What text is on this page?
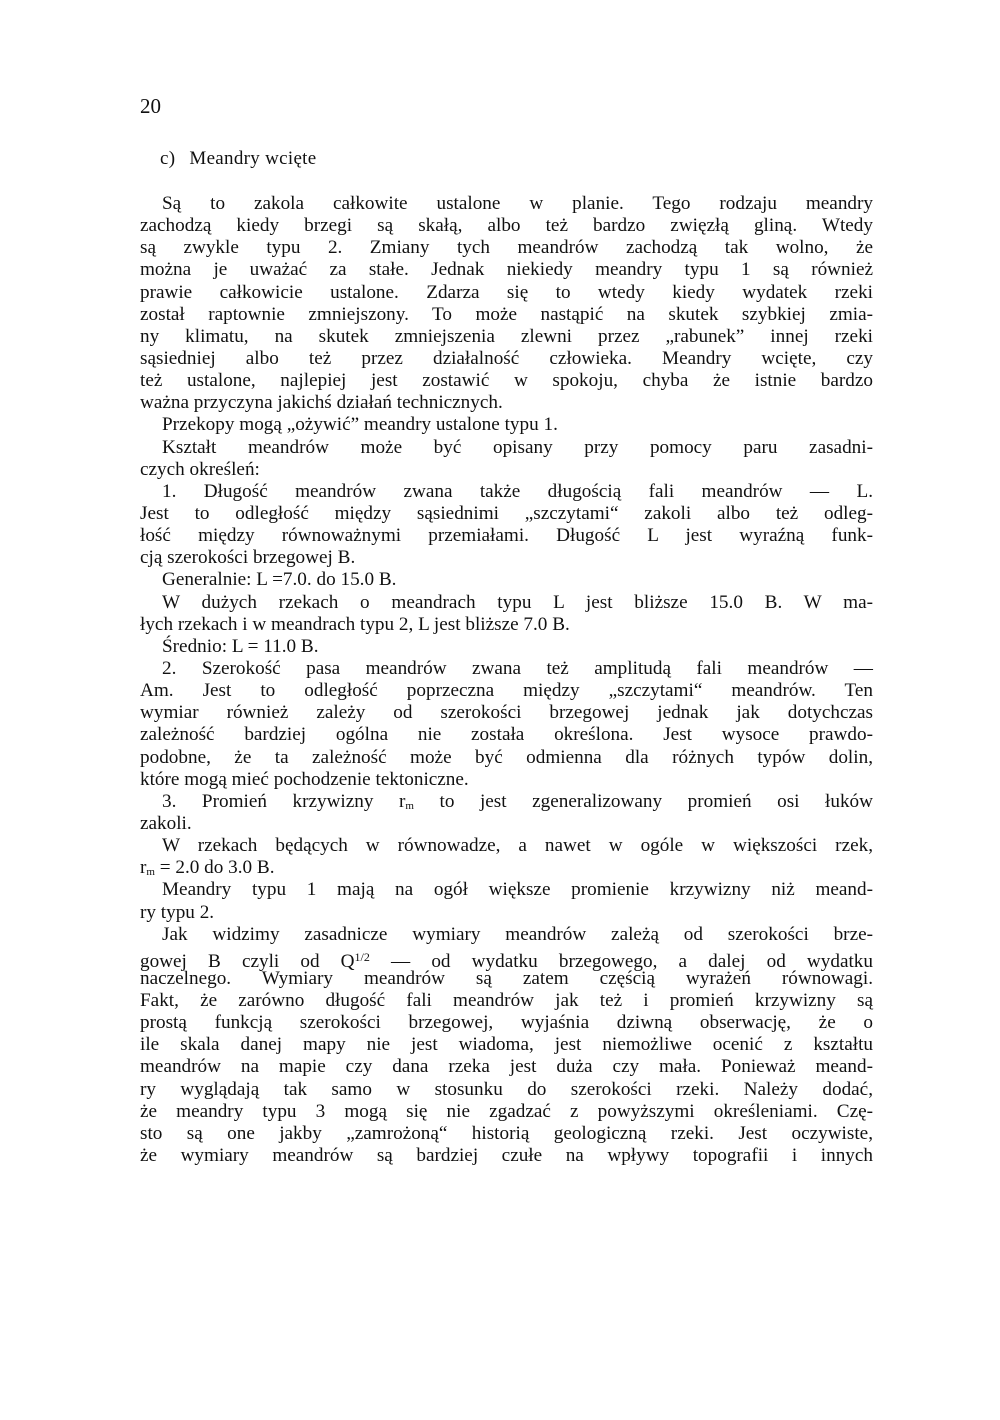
20
c) Meandry wcięte
Są to zakola całkowite ustalone w planie. Tego rodzaju meandry
zachodzą kiedy brzegi są skałą, albo też bardzo zwięzłą gliną. Wtedy
są zwykle typu 2. Zmiany tych meandrów zachodzą tak wolno, że
można je uważać za stałe. Jednak niekiedy meandry typu 1 są również
prawie całkowicie ustalone. Zdarza się to wtedy kiedy wydatek rzeki
został raptownie zmniejszony. To może nastąpić na skutek szybkiej zmia-
ny klimatu, na skutek zmniejszenia zlewni przez „rabunek” innej rzeki
sąsiedniej albo też przez działalność człowieka. Meandry wcięte, czy
też ustalone, najlepiej jest zostawić w spokoju, chyba że istnie bardzo
ważna przyczyna jakichś działań technicznych.
Przekopy mogą „ożywić” meandry ustalone typu 1.
Kształt meandrów może być opisany przy pomocy paru zasadni-
czych określeń:
1. Długość meandrów zwana także długością fali meandrów — L.
Jest to odległość między sąsiednimi „szczytami“ zakoli albo też odleg-
łość między równoważnymi przemiałami. Długość L jest wyraźną funk-
cją szerokości brzegowej B.
Generalnie: L =7.0. do 15.0 B.
W dużych rzekach o meandrach typu L jest bliższe 15.0 B. W ma-
łych rzekach i w meandrach typu 2, L jest bliższe 7.0 B.
Średnio: L = 11.0 B.
2. Szerokość pasa meandrów zwana też amplitudą fali meandrów —
Am. Jest to odległość poprzeczna między „szczytami“ meandrów. Ten
wymiar również zależy od szerokości brzegowej jednak jak dotychczas
zależność bardziej ogólna nie została określona. Jest wysoce prawdo-
podobne, że ta zależność może być odmienna dla różnych typów dolin,
które mogą mieć pochodzenie tektoniczne.
3. Promień krzywizny $r_m$ to jest zgeneralizowany promień osi łuków
zakoli.
W rzekach będących w równowadze, a nawet w ogóle w większości rzek,
$r_m = 2.0$ do 3.0 B.
Meandry typu 1 mają na ogół większe promienie krzywizny niż meand-
ry typu 2.
Jak widzimy zasadnicze wymiary meandrów zależą od szerokości brze-
gowej B czyli od $Q^{1/2}$ — od wydatku brzegowego, a dalej od wydatku
naczelnego. Wymiary meandrów są zatem częścią wyrażeń równowagi.
Fakt, że zarówno długość fali meandrów jak też i promień krzywizny są
prostą funkcją szerokości brzegowej, wyjaśnia dziwną obserwację, że o
ile skala danej mapy nie jest wiadoma, jest niemożliwe ocenić z kształtu
meandrów na mapie czy dana rzeka jest duża czy mała. Ponieważ meand-
ry wyglądają tak samo w stosunku do szerokości rzeki. Należy dodać,
że meandry typu 3 mogą się nie zgadzać z powyższymi określeniami. Czę-
sto są one jakby „zamrożoną“ historią geologiczną rzeki. Jest oczywiste,
że wymiary meandrów są bardziej czułe na wpływy topografii i innych
